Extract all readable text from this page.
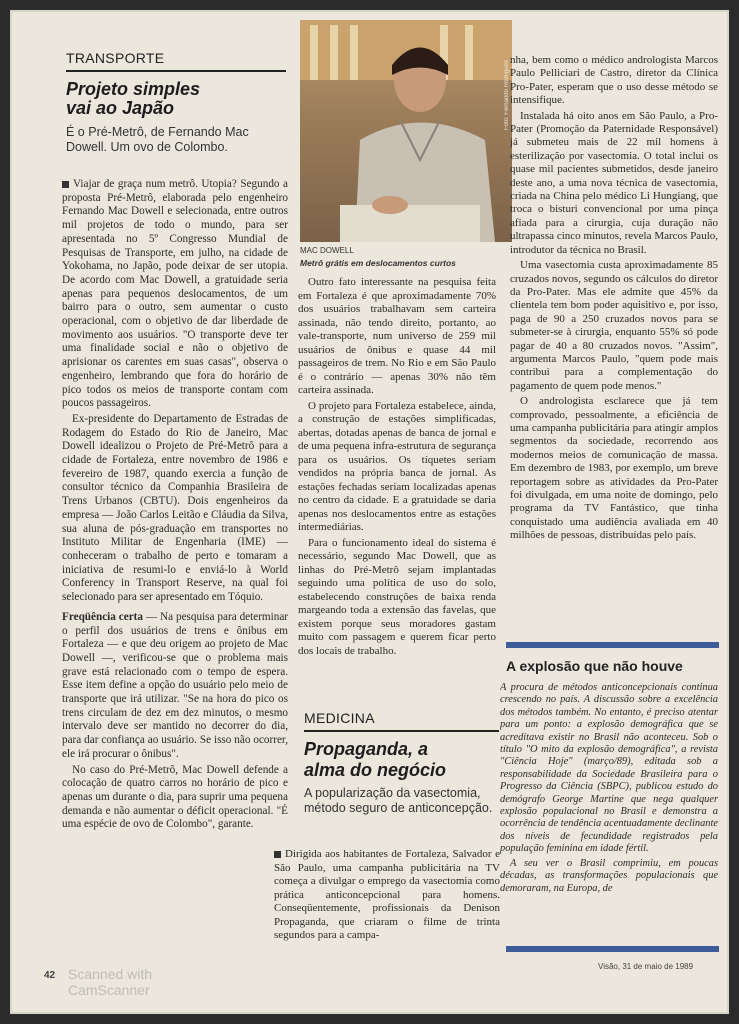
TRANSPORTE
Projeto simples
vai ao Japão
É o Pré-Metrô, de Fernando Mac Dowell. Um ovo de Colombo.

Viajar de graça num metrô. Utopia? Segundo a proposta Pré-Metrô, elaborada pelo engenheiro Fernando Mac Dowell e selecionada, entre outros mil projetos de todo o mundo, para ser apresentada no 5º Congresso Mundial de Pesquisas de Transporte, em julho, na cidade de Yokohama, no Japão, pode deixar de ser utopia. De acordo com Mac Dowell, a gratuidade seria apenas para pequenos deslocamentos, de um bairro para o outro, sem aumentar o custo operacional, com o objetivo de dar liberdade de movimento aos usuários. "O transporte deve ter uma finalidade social e não o objetivo de aprisionar os carentes em suas casas", observa o engenheiro, lembrando que fora do horário de pico todos os meios de transporte contam com poucos passageiros.

Ex-presidente do Departamento de Estradas de Rodagem do Estado do Rio de Janeiro, Mac Dowell idealizou o Projeto de Pré-Metrô para a cidade de Fortaleza, entre novembro de 1986 e fevereiro de 1987, quando exercia a função de consultor técnico da Companhia Brasileira de Trens Urbanos (CBTU). Dois engenheiros da empresa — João Carlos Leitão e Cláudia da Silva, sua aluna de pós-graduação em transportes no Instituto Militar de Engenharia (IME) — conheceram o trabalho de perto e tomaram a iniciativa de resumi-lo e enviá-lo à World Conferency in Transport Reserve, na qual foi selecionado para ser apresentado em Tóquio.

Freqüência certa — Na pesquisa para determinar o perfil dos usuários de trens e ônibus em Fortaleza — e que deu origem ao projeto de Mac Dowell —, verificou-se que o problema mais grave está relacionado com o tempo de espera. Esse item define a opção do usuário pelo meio de transporte que irá utilizar. "Se na hora do pico os trens circulam de dez em dez minutos, o mesmo intervalo deve ser mantido no decorrer do dia, para dar confiança ao usuário. Se isso não ocorrer, ele irá procurar o ônibus".

No caso do Pré-Metrô, Mac Dowell defende a colocação de quatro carros no horário de pico e apenas um durante o dia, para suprir uma pequena demanda e não aumentar o déficit operacional. "É uma espécie de ovo de Colombo", garante.

Foto: Fernando Rodrigues
MAC DOWELL
Metrô grátis em deslocamentos curtos

Outro fato interessante na pesquisa feita em Fortaleza é que aproximadamente 70% dos usuários trabalhavam sem carteira assinada, não tendo direito, portanto, ao vale-transporte, num universo de 259 mil usuários de ônibus e quase 44 mil passageiros de trem. No Rio e em São Paulo é o contrário — apenas 30% não têm carteira assinada.

O projeto para Fortaleza estabelece, ainda, a construção de estações simplificadas, abertas, dotadas apenas de banca de jornal e de uma pequena infra-estrutura de segurança para os usuários. Os tíquetes seriam vendidos na própria banca de jornal. As estações fechadas seriam localizadas apenas no centro da cidade. E a gratuidade se daria apenas nos deslocamentos entre as estações intermediárias.

Para o funcionamento ideal do sistema é necessário, segundo Mac Dowell, que as linhas do Pré-Metrô sejam implantadas seguindo uma política de uso do solo, estabelecendo construções de baixa renda margeando toda a extensão das favelas, que existem porque seus moradores gastam muito com passagem e querem ficar perto dos locais de trabalho.

MEDICINA
Propaganda, a
alma do negócio
A popularização da vasectomia, método seguro de anticoncepção.

Dirigida aos habitantes de Fortaleza, Salvador e São Paulo, uma campanha publicitária na TV começa a divulgar o emprego da vasectomia como prática anticoncepcional para homens. Conseqüentemente, profissionais da Denison Propaganda, que criaram o filme de trinta segundos para a campa-

nha, bem como o médico andrologista Marcos Paulo Pelliciari de Castro, diretor da Clínica Pro-Pater, esperam que o uso desse método se intensifique.

Instalada há oito anos em São Paulo, a Pro-Pater (Promoção da Paternidade Responsável) já submeteu mais de 22 mil homens à esterilização por vasectomia. O total inclui os quase mil pacientes submetidos, desde janeiro deste ano, a uma nova técnica de vasectomia, criada na China pelo médico Li Hungiang, que troca o bisturi convencional por uma pinça afiada para a cirurgia, cuja duração não ultrapassa cinco minutos, revela Marcos Paulo, introdutor da técnica no Brasil.

Uma vasectomia custa aproximadamente 85 cruzados novos, segundo os cálculos do diretor da Pro-Pater. Mas ele admite que 45% da clientela tem bom poder aquisitivo e, por isso, paga de 90 a 250 cruzados novos para se submeter-se à cirurgia, enquanto 55% só pode pagar de 40 a 80 cruzados novos. "Assim", argumenta Marcos Paulo, "quem pode mais contribui para a complementação do pagamento de quem pode menos."

O andrologista esclarece que já tem comprovado, pessoalmente, a eficiência de uma campanha publicitária para atingir amplos segmentos da sociedade, recorrendo aos modernos meios de comunicação de massa. Em dezembro de 1983, por exemplo, um breve reportagem sobre as atividades da Pro-Pater foi divulgada, em uma noite de domingo, pelo programa da TV Fantástico, que tinha conquistado uma audiência avaliada em 40 milhões de pessoas, distribuídas pelo país.

A explosão que não houve

A procura de métodos anticoncepcionais continua crescendo no país. A discussão sobre a excelência dos métodos também. No entanto, é preciso atentar para um ponto: a explosão demográfica que se acreditava existir no Brasil não aconteceu. Sob o título "O mito da explosão demográfica", a revista "Ciência Hoje" (março/89), editada sob a responsabilidade da Sociedade Brasileira para o Progresso da Ciência (SBPC), publicou estudo do demógrafo George Martine que nega qualquer explosão populacional no Brasil e demonstra a ocorrência de tendência acentuadamente declinante dos níveis de fecundidade registrados pela população feminina em idade fértil.

A seu ver o Brasil comprimiu, em poucas décadas, as transformações populacionais que demoraram, na Europa, de

42
Visão, 31 de maio de 1989
Scanned with
CamScanner
